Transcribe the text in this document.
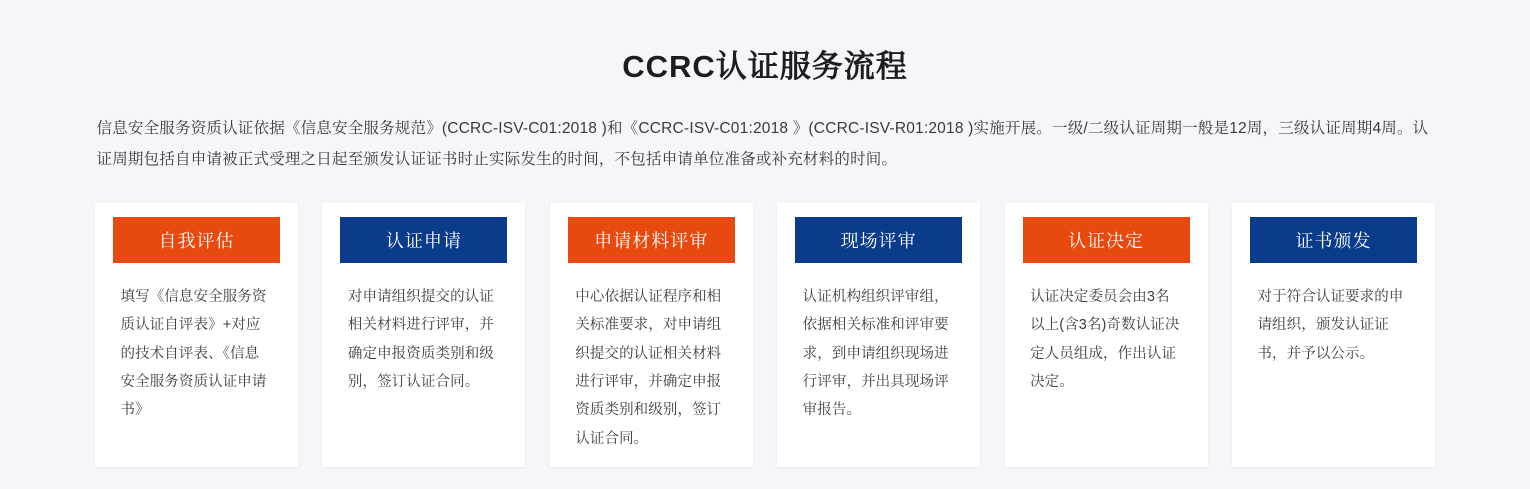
CCRC认证服务流程
信息安全服务资质认证依据《信息安全服务规范》(CCRC-ISV-C01:2018 )和《CCRC-ISV-C01:2018 》(CCRC-ISV-R01:2018 )实施开展。一级/二级认证周期一般是12周，三级认证周期4周。认证周期包括自申请被正式受理之日起至颁发认证证书时止实际发生的时间，不包括申请单位准备或补充材料的时间。
自我评估
填写《信息安全服务资质认证自评表》+对应的技术自评表、《信息安全服务资质认证申请书》
认证申请
对申请组织提交的认证相关材料进行评审，并确定申报资质类别和级别，签订认证合同。
申请材料评审
中心依据认证程序和相关标准要求，对申请组织提交的认证相关材料进行评审，并确定申报资质类别和级别，签订认证合同。
现场评审
认证机构组织评审组，依据相关标准和评审要求，到申请组织现场进行评审，并出具现场评审报告。
认证决定
认证决定委员会由3名以上(含3名)奇数认证决定人员组成，作出认证决定。
证书颁发
对于符合认证要求的申请组织，颁发认证证书，并予以公示。
